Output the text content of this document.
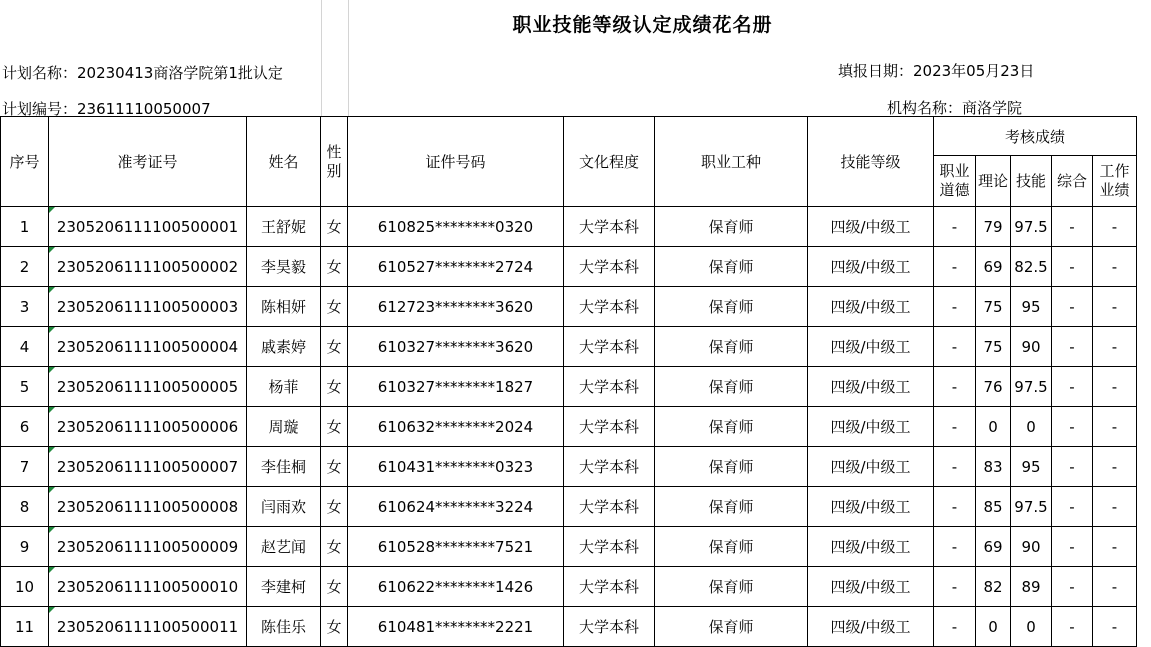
职业技能等级认定成绩花名册
计划名称：20230413商洛学院第1批认定
计划编号：23611110050007
填报日期：2023年05月23日
机构名称：商洛学院
序号	准考证号	姓名	性别	证件号码	文化程度	职业工种	技能等级	考核成绩				
								职业道德	理论	技能	综合	工作业绩
1	2305206111100500001	王舒妮	女	610825********0320	大学本科	保育师	四级/中级工	-	79	97.5	-	-
2	2305206111100500002	李昊毅	女	610527********2724	大学本科	保育师	四级/中级工	-	69	82.5	-	-
3	2305206111100500003	陈相妍	女	612723********3620	大学本科	保育师	四级/中级工	-	75	95	-	-
4	2305206111100500004	戚素婷	女	610327********3620	大学本科	保育师	四级/中级工	-	75	90	-	-
5	2305206111100500005	杨菲	女	610327********1827	大学本科	保育师	四级/中级工	-	76	97.5	-	-
6	2305206111100500006	周璇	女	610632********2024	大学本科	保育师	四级/中级工	-	0	0	-	-
7	2305206111100500007	李佳桐	女	610431********0323	大学本科	保育师	四级/中级工	-	83	95	-	-
8	2305206111100500008	闫雨欢	女	610624********3224	大学本科	保育师	四级/中级工	-	85	97.5	-	-
9	2305206111100500009	赵艺闻	女	610528********7521	大学本科	保育师	四级/中级工	-	69	90	-	-
10	2305206111100500010	李建柯	女	610622********1426	大学本科	保育师	四级/中级工	-	82	89	-	-
11	2305206111100500011	陈佳乐	女	610481********2221	大学本科	保育师	四级/中级工	-	0	0	-	-
